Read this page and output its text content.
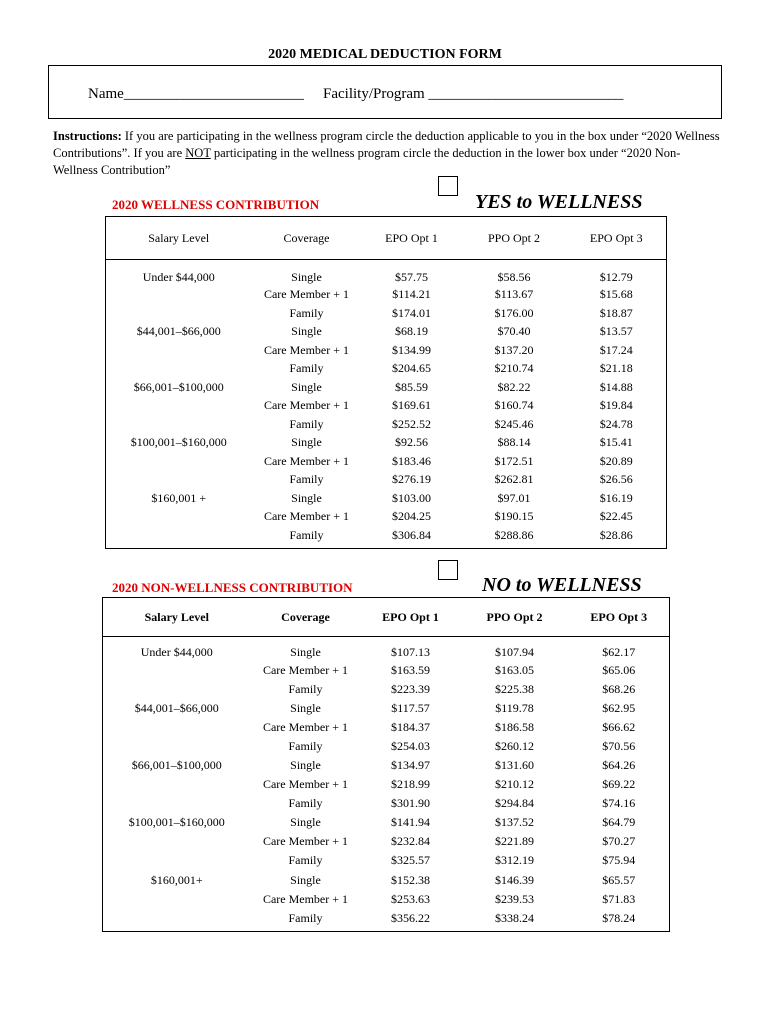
2020 MEDICAL DEDUCTION FORM
Name________________________ Facility/Program __________________________
Instructions: If you are participating in the wellness program circle the deduction applicable to you in the box under “2020 Wellness Contributions”. If you are NOT participating in the wellness program circle the deduction in the lower box under “2020 Non-Wellness Contribution”
2020 WELLNESS CONTRIBUTION	YES to WELLNESS
Salary Level	Coverage	EPO Opt 1	PPO Opt 2	EPO Opt 3
Under $44,000	Single	$57.75	$58.56	$12.79
	Care Member + 1	$114.21	$113.67	$15.68
	Family	$174.01	$176.00	$18.87
$44,001–$66,000	Single	$68.19	$70.40	$13.57
	Care Member + 1	$134.99	$137.20	$17.24
	Family	$204.65	$210.74	$21.18
$66,001–$100,000	Single	$85.59	$82.22	$14.88
	Care Member + 1	$169.61	$160.74	$19.84
	Family	$252.52	$245.46	$24.78
$100,001–$160,000	Single	$92.56	$88.14	$15.41
	Care Member + 1	$183.46	$172.51	$20.89
	Family	$276.19	$262.81	$26.56
$160,001 +	Single	$103.00	$97.01	$16.19
	Care Member + 1	$204.25	$190.15	$22.45
	Family	$306.84	$288.86	$28.86

2020 NON-WELLNESS CONTRIBUTION	NO to WELLNESS
Salary Level	Coverage	EPO Opt 1	PPO Opt 2	EPO Opt 3
Under $44,000	Single	$107.13	$107.94	$62.17
	Care Member + 1	$163.59	$163.05	$65.06
	Family	$223.39	$225.38	$68.26
$44,001–$66,000	Single	$117.57	$119.78	$62.95
	Care Member + 1	$184.37	$186.58	$66.62
	Family	$254.03	$260.12	$70.56
$66,001–$100,000	Single	$134.97	$131.60	$64.26
	Care Member + 1	$218.99	$210.12	$69.22
	Family	$301.90	$294.84	$74.16
$100,001–$160,000	Single	$141.94	$137.52	$64.79
	Care Member + 1	$232.84	$221.89	$70.27
	Family	$325.57	$312.19	$75.94
$160,001+	Single	$152.38	$146.39	$65.57
	Care Member + 1	$253.63	$239.53	$71.83
	Family	$356.22	$338.24	$78.24
